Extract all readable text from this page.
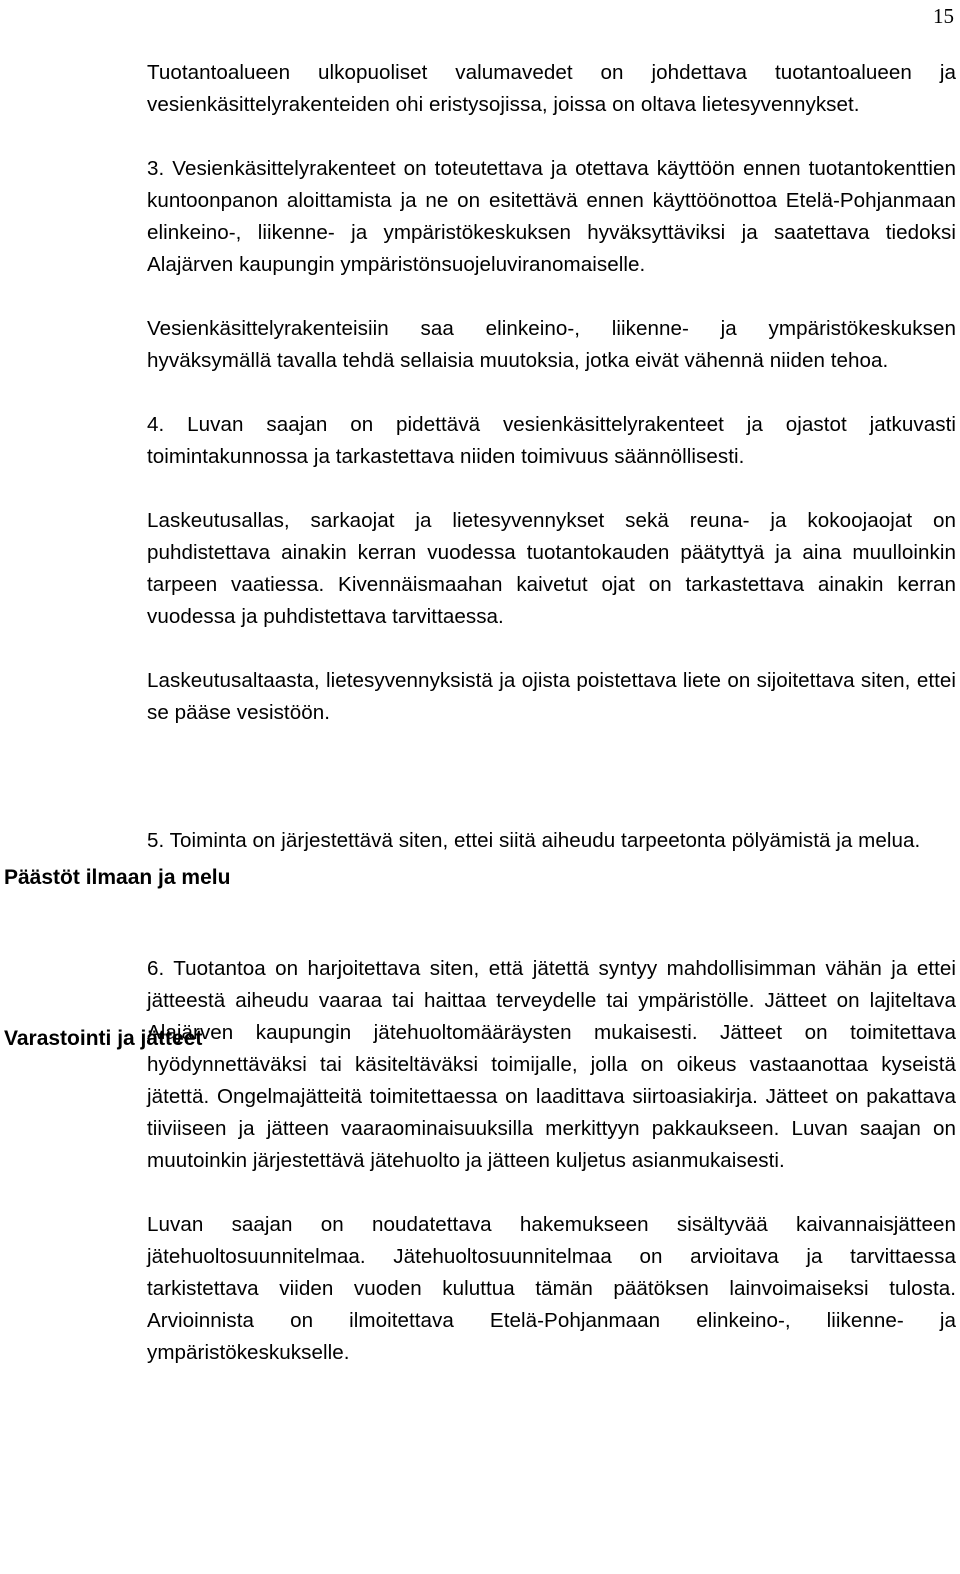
15
Päästöt ilmaan ja melu
Varastointi ja jätteet

Tuotantoalueen ulkopuoliset valumavedet on johdettava tuotantoalueen ja vesienkäsittelyrakenteiden ohi eristysojissa, joissa on oltava lietesyvennykset.

3. Vesienkäsittelyrakenteet on toteutettava ja otettava käyttöön ennen tuotantokenttien kuntoonpanon aloittamista ja ne on esitettävä ennen käyttöönottoa Etelä-Pohjanmaan elinkeino-, liikenne- ja ympäristökeskuksen hyväksyttäviksi ja saatettava tiedoksi Alajärven kaupungin ympäristönsuojeluviranomaiselle.

Vesienkäsittelyrakenteisiin saa elinkeino-, liikenne- ja ympäristökeskuksen hyväksymällä tavalla tehdä sellaisia muutoksia, jotka eivät vähennä niiden tehoa.

4. Luvan saajan on pidettävä vesienkäsittelyrakenteet ja ojastot jatkuvasti toimintakunnossa ja tarkastettava niiden toimivuus säännöllisesti.

Laskeutusallas, sarkaojat ja lietesyvennykset sekä reuna- ja kokoojaojat on puhdistettava ainakin kerran vuodessa tuotantokauden päätyttyä ja aina muulloinkin tarpeen vaatiessa. Kivennäismaahan kaivetut ojat on tarkastettava ainakin kerran vuodessa ja puhdistettava tarvittaessa.

Laskeutusaltaasta, lietesyvennyksistä ja ojista poistettava liete on sijoitettava siten, ettei se pääse vesistöön.

5. Toiminta on järjestettävä siten, ettei siitä aiheudu tarpeetonta pölyämistä ja melua.

6. Tuotantoa on harjoitettava siten, että jätettä syntyy mahdollisimman vähän ja ettei jätteestä aiheudu vaaraa tai haittaa terveydelle tai ympäristölle. Jätteet on lajiteltava Alajärven kaupungin jätehuoltomääräysten mukaisesti. Jätteet on toimitettava hyödynnettäväksi tai käsiteltäväksi toimijalle, jolla on oikeus vastaanottaa kyseistä jätettä. Ongelmajätteitä toimitettaessa on laadittava siirtoasiakirja. Jätteet on pakattava tiiviiseen ja jätteen vaaraominaisuuksilla merkittyyn pakkaukseen. Luvan saajan on muutoinkin järjestettävä jätehuolto ja jätteen kuljetus asianmukaisesti.

Luvan saajan on noudatettava hakemukseen sisältyvää kaivannaisjätteen jätehuoltosuunnitelmaa. Jätehuoltosuunnitelmaa on arvioitava ja tarvittaessa tarkistettava viiden vuoden kuluttua tämän päätöksen lainvoimaiseksi tulosta. Arvioinnista on ilmoitettava Etelä-Pohjanmaan elinkeino-, liikenne- ja ympäristökeskukselle.
